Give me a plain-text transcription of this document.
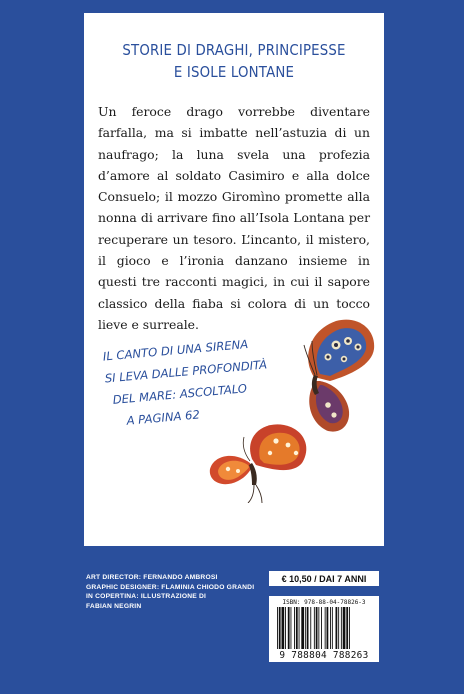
STORIE DI DRAGHI, PRINCIPESSE
E ISOLE LONTANE

Un feroce drago vorrebbe diventare farfalla, ma si imbatte nell’astuzia di un naufrago; la luna svela una profezia d’amore al soldato Casimiro e alla dolce Consuelo; il mozzo Giromìno promette alla nonna di arrivare fino all’Isola Lontana per recuperare un tesoro. L’incanto, il mistero, il gioco e l’ironia danzano insieme in questi tre racconti magici, in cui il sapore classico della fiaba si colora di un tocco lieve e surreale.

IL CANTO DI UNA SIRENA
SI LEVA DALLE PROFONDITÀ
DEL MARE: ASCOLTALO
A PAGINA 62
ART DIRECTOR: FERNANDO AMBROSI
GRAPHIC DESIGNER: FLAMINIA CHIODO GRANDI
IN COPERTINA: ILLUSTRAZIONE DI
FABIAN NEGRIN
€ 10,50 / DAI 7 ANNI
ISBN: 978-88-04-78826-3
9 788804 788263
